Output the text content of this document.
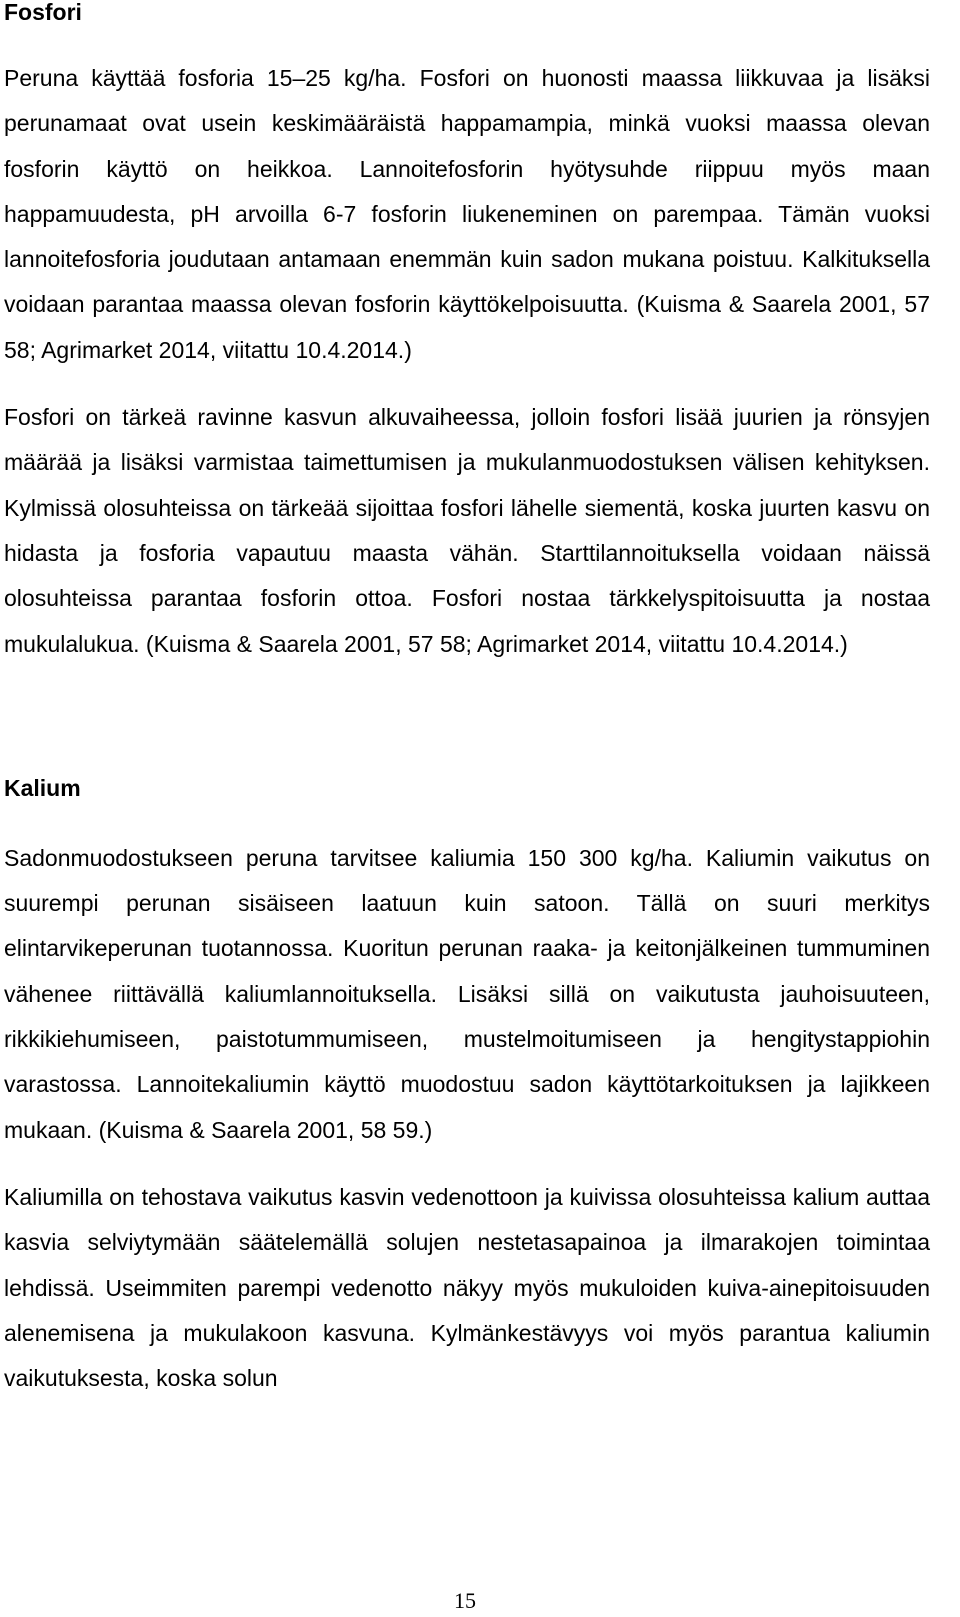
Fosfori

Peruna käyttää fosforia 15–25 kg/ha. Fosfori on huonosti maassa liikkuvaa ja lisäksi perunamaat ovat usein keskimääräistä happamampia, minkä vuoksi maassa olevan fosforin käyttö on heikkoa. Lannoitefosforin hyötysuhde riippuu myös maan happamuudesta, pH arvoilla 6-7 fosforin liukeneminen on parempaa. Tämän vuoksi lannoitefosforia joudutaan antamaan enemmän kuin sadon mukana poistuu. Kalkituksella voidaan parantaa maassa olevan fosforin käyttökelpoisuutta. (Kuisma & Saarela 2001, 57 58; Agrimarket 2014, viitattu 10.4.2014.)

Fosfori on tärkeä ravinne kasvun alkuvaiheessa, jolloin fosfori lisää juurien ja rönsyjen määrää ja lisäksi varmistaa taimettumisen ja mukulanmuodostuksen välisen kehityksen. Kylmissä olosuhteissa on tärkeää sijoittaa fosfori lähelle siementä, koska juurten kasvu on hidasta ja fosforia vapautuu maasta vähän. Starttilannoituksella voidaan näissä olosuhteissa parantaa fosforin ottoa. Fosfori nostaa tärkkelyspitoisuutta ja nostaa mukulalukua. (Kuisma & Saarela 2001, 57 58; Agrimarket 2014, viitattu 10.4.2014.)

Kalium

Sadonmuodostukseen peruna tarvitsee kaliumia 150 300 kg/ha. Kaliumin vaikutus on suurempi perunan sisäiseen laatuun kuin satoon. Tällä on suuri merkitys elintarvikeperunan tuotannossa. Kuoritun perunan raaka- ja keitonjälkeinen tummuminen vähenee riittävällä kaliumlannoituksella. Lisäksi sillä on vaikutusta jauhoisuuteen, rikkikiehumiseen, paistotummumiseen, mustelmoitumiseen ja hengitystappiohin varastossa. Lannoitekaliumin käyttö muodostuu sadon käyttötarkoituksen ja lajikkeen mukaan. (Kuisma & Saarela 2001, 58 59.)

Kaliumilla on tehostava vaikutus kasvin vedenottoon ja kuivissa olosuhteissa kalium auttaa kasvia selviytymään säätelemällä solujen nestetasapainoa ja ilmarakojen toimintaa lehdissä. Useimmiten parempi vedenotto näkyy myös mukuloiden kuiva-ainepitoisuuden alenemisena ja mukulakoon kasvuna. Kylmänkestävyys voi myös parantua kaliumin vaikutuksesta, koska solun

15
